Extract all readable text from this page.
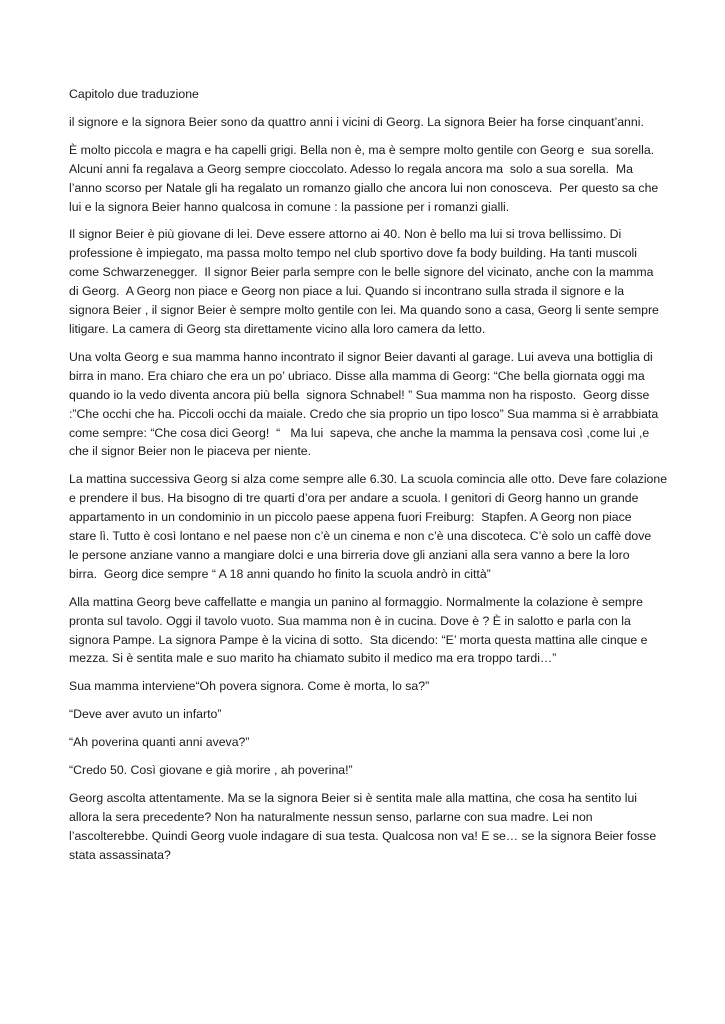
Capitolo due traduzione

il signore e la signora Beier sono da quattro anni i vicini di Georg. La signora Beier ha forse cinquant’anni.

È molto piccola e magra e ha capelli grigi. Bella non è, ma è sempre molto gentile con Georg e  sua sorella.
Alcuni anni fa regalava a Georg sempre cioccolato. Adesso lo regala ancora ma  solo a sua sorella.  Ma
l’anno scorso per Natale gli ha regalato un romanzo giallo che ancora lui non conosceva.  Per questo sa che
lui e la signora Beier hanno qualcosa in comune : la passione per i romanzi gialli.

Il signor Beier è più giovane di lei. Deve essere attorno ai 40. Non è bello ma lui si trova bellissimo. Di
professione è impiegato, ma passa molto tempo nel club sportivo dove fa body building. Ha tanti muscoli
come Schwarzenegger.  Il signor Beier parla sempre con le belle signore del vicinato, anche con la mamma
di Georg.  A Georg non piace e Georg non piace a lui. Quando si incontrano sulla strada il signore e la
signora Beier , il signor Beier è sempre molto gentile con lei. Ma quando sono a casa, Georg li sente sempre
litigare. La camera di Georg sta direttamente vicino alla loro camera da letto.

Una volta Georg e sua mamma hanno incontrato il signor Beier davanti al garage. Lui aveva una bottiglia di
birra in mano. Era chiaro che era un po’ ubriaco. Disse alla mamma di Georg: “Che bella giornata oggi ma
quando io la vedo diventa ancora più bella  signora Schnabel! ” Sua mamma non ha risposto.  Georg disse
:”Che occhi che ha. Piccoli occhi da maiale. Credo che sia proprio un tipo losco” Sua mamma si è arrabbiata
come sempre: “Che cosa dici Georg!  “   Ma lui  sapeva, che anche la mamma la pensava così ,come lui ,e
che il signor Beier non le piaceva per niente.

La mattina successiva Georg si alza come sempre alle 6.30. La scuola comincia alle otto. Deve fare colazione
e prendere il bus. Ha bisogno di tre quarti d’ora per andare a scuola. I genitori di Georg hanno un grande
appartamento in un condominio in un piccolo paese appena fuori Freiburg:  Stapfen. A Georg non piace
stare lì. Tutto è così lontano e nel paese non c’è un cinema e non c’è una discoteca. C’è solo un caffè dove
le persone anziane vanno a mangiare dolci e una birreria dove gli anziani alla sera vanno a bere la loro
birra.  Georg dice sempre “ A 18 anni quando ho finito la scuola andrò in città”

Alla mattina Georg beve caffellatte e mangia un panino al formaggio. Normalmente la colazione è sempre
pronta sul tavolo. Oggi il tavolo vuoto. Sua mamma non è in cucina. Dove è ? È in salotto e parla con la
signora Pampe. La signora Pampe è la vicina di sotto.  Sta dicendo: “E’ morta questa mattina alle cinque e
mezza. Si è sentita male e suo marito ha chiamato subito il medico ma era troppo tardi…”

Sua mamma interviene“Oh povera signora. Come è morta, lo sa?”

“Deve aver avuto un infarto”

“Ah poverina quanti anni aveva?”

“Credo 50. Così giovane e già morire , ah poverina!”

Georg ascolta attentamente. Ma se la signora Beier si è sentita male alla mattina, che cosa ha sentito lui
allora la sera precedente? Non ha naturalmente nessun senso, parlarne con sua madre. Lei non
l’ascolterebbe. Quindi Georg vuole indagare di sua testa. Qualcosa non va! E se… se la signora Beier fosse
stata assassinata?
